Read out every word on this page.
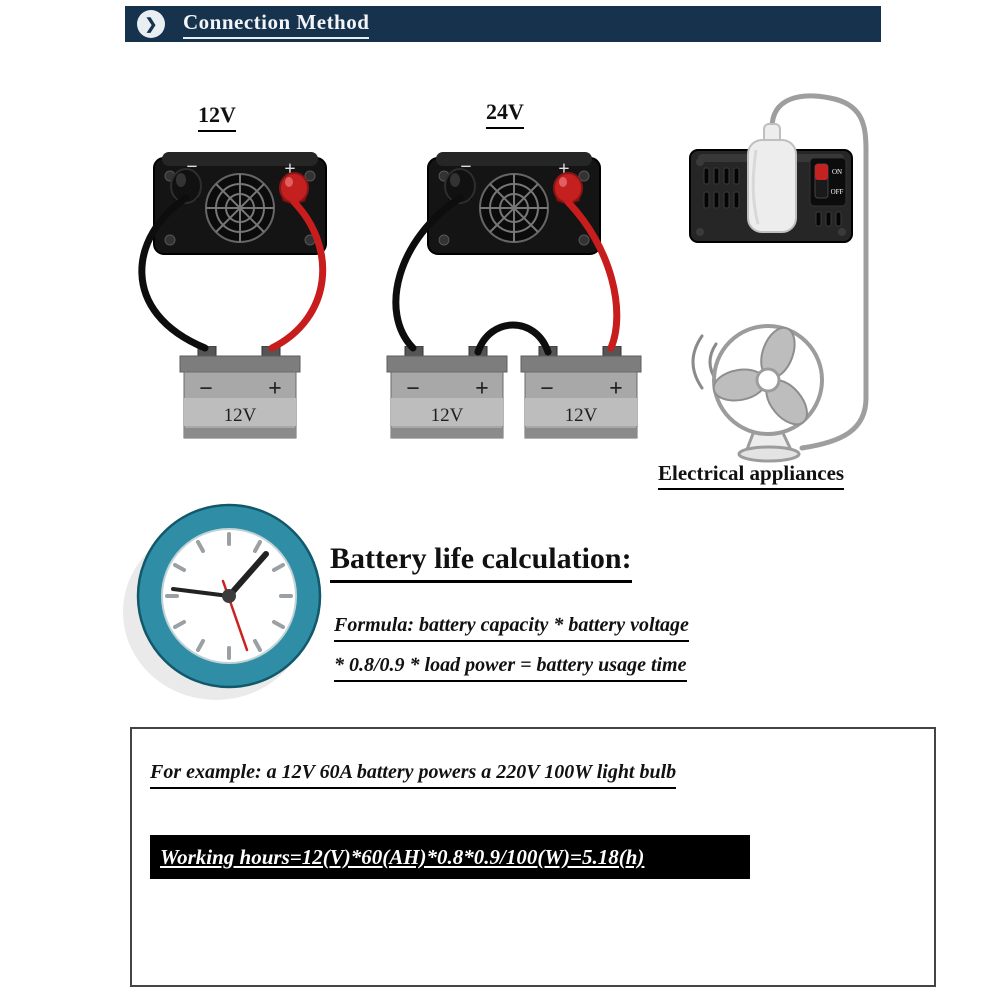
❯	Connection Method
ON
OFF
12V	24V
Electrical appliances
Battery life calculation:
Formula: battery capacity * battery voltage
* 0.8/0.9 * load power = battery usage time
For example: a 12V 60A battery powers a 220V 100W light bulb
Working hours=12(V)*60(AH)*0.8*0.9/100(W)=5.18(h)
